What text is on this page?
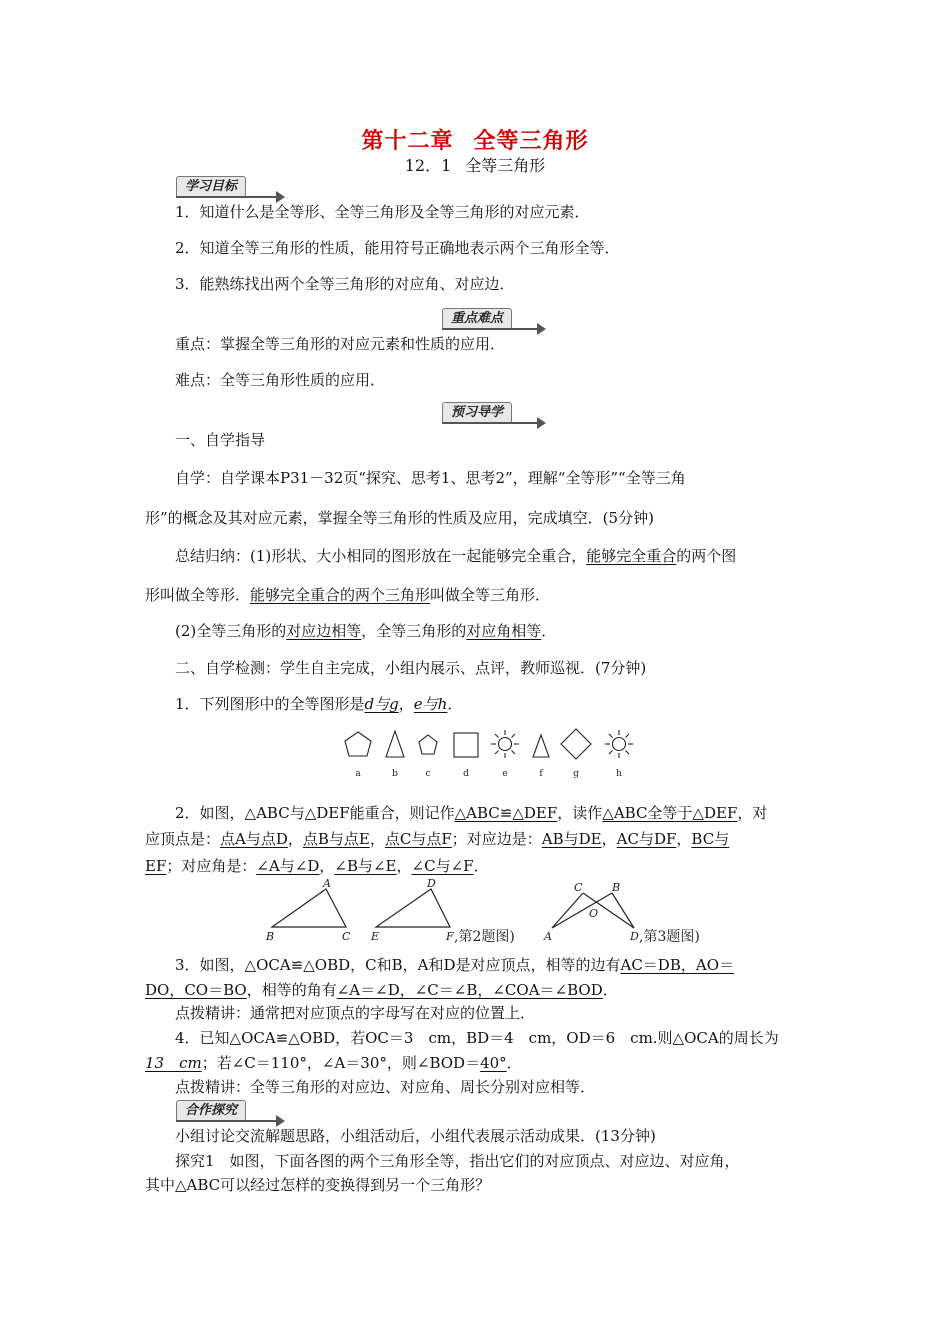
第十二章 全等三角形
12．1 全等三角形
学习目标
1．知道什么是全等形、全等三角形及全等三角形的对应元素．
2．知道全等三角形的性质，能用符号正确地表示两个三角形全等．
3．能熟练找出两个全等三角形的对应角、对应边．
重点难点
重点：掌握全等三角形的对应元素和性质的应用．
难点：全等三角形性质的应用．
预习导学
一、自学指导
自学：自学课本P31－32页“探究、思考1、思考2”，理解“全等形”“全等三角
形”的概念及其对应元素，掌握全等三角形的性质及应用，完成填空．(5分钟)
总结归纳：(1)形状、大小相同的图形放在一起能够完全重合，能够完全重合的两个图
形叫做全等形．能够完全重合的两个三角形叫做全等三角形．
(2)全等三角形的对应边相等，全等三角形的对应角相等．
二、自学检测：学生自主完成，小组内展示、点评，教师巡视．(7分钟)
1．下列图形中的全等图形是d与g，e与h．
a	b	c	d	e	f	g	h
2．如图，△ABC与△DEF能重合，则记作△ABC≌△DEF，读作△ABC全等于△DEF，对
应顶点是：点A与点D，点B与点E，点C与点F；对应边是：AB与DE，AC与DF，BC与
EF；对应角是：∠A与∠D，∠B与∠E，∠C与∠F．
A
B	C
D
E	F
C	B
O
A	D
,第2题图)	,第3题图)
3．如图，△OCA≌△OBD，C和B，A和D是对应顶点，相等的边有AC＝DB，AO＝
DO，CO＝BO，相等的角有∠A＝∠D，∠C＝∠B，∠COA＝∠BOD．
点拨精讲：通常把对应顶点的字母写在对应的位置上．
4．已知△OCA≌△OBD，若OC＝3　cm，BD＝4　cm，OD＝6　cm.则△OCA的周长为
13　cm；若∠C＝110°，∠A＝30°，则∠BOD＝40°．
点拨精讲：全等三角形的对应边、对应角、周长分别对应相等．
合作探究
小组讨论交流解题思路，小组活动后，小组代表展示活动成果．(13分钟)
探究1　如图，下面各图的两个三角形全等，指出它们的对应顶点、对应边、对应角，
其中△ABC可以经过怎样的变换得到另一个三角形？
